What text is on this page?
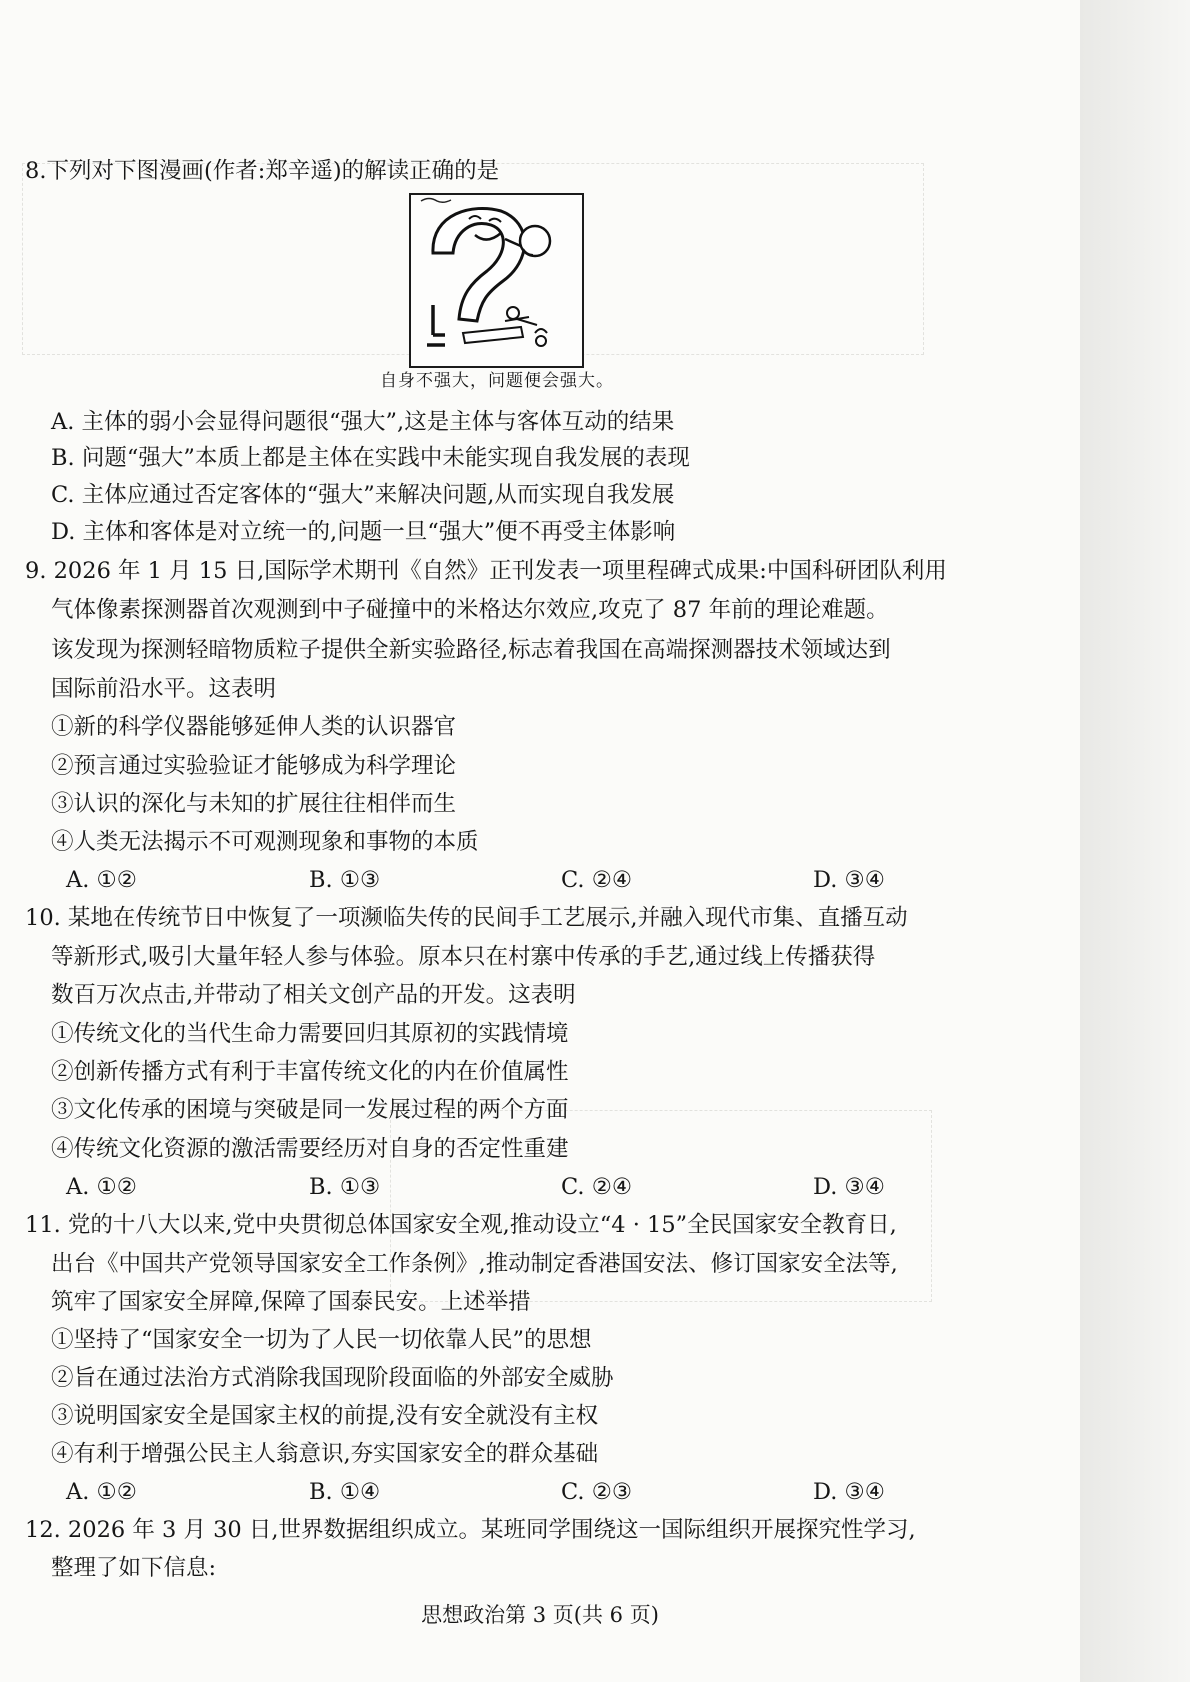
8.下列对下图漫画(作者:郑辛遥)的解读正确的是
自身不强大，问题便会强大。
A. 主体的弱小会显得问题很“强大”,这是主体与客体互动的结果
B. 问题“强大”本质上都是主体在实践中未能实现自我发展的表现
C. 主体应通过否定客体的“强大”来解决问题,从而实现自我发展
D. 主体和客体是对立统一的,问题一旦“强大”便不再受主体影响
9. 2026 年 1 月 15 日,国际学术期刊《自然》正刊发表一项里程碑式成果:中国科研团队利用
气体像素探测器首次观测到中子碰撞中的米格达尔效应,攻克了 87 年前的理论难题。
该发现为探测轻暗物质粒子提供全新实验路径,标志着我国在高端探测器技术领域达到
国际前沿水平。这表明
①新的科学仪器能够延伸人类的认识器官
②预言通过实验验证才能够成为科学理论
③认识的深化与未知的扩展往往相伴而生
④人类无法揭示不可观测现象和事物的本质
A. ①②	B. ①③	C. ②④	D. ③④
10. 某地在传统节日中恢复了一项濒临失传的民间手工艺展示,并融入现代市集、直播互动
等新形式,吸引大量年轻人参与体验。原本只在村寨中传承的手艺,通过线上传播获得
数百万次点击,并带动了相关文创产品的开发。这表明
①传统文化的当代生命力需要回归其原初的实践情境
②创新传播方式有利于丰富传统文化的内在价值属性
③文化传承的困境与突破是同一发展过程的两个方面
④传统文化资源的激活需要经历对自身的否定性重建
A. ①②	B. ①③	C. ②④	D. ③④
11. 党的十八大以来,党中央贯彻总体国家安全观,推动设立“4 · 15”全民国家安全教育日,
出台《中国共产党领导国家安全工作条例》,推动制定香港国安法、修订国家安全法等,
筑牢了国家安全屏障,保障了国泰民安。上述举措
①坚持了“国家安全一切为了人民一切依靠人民”的思想
②旨在通过法治方式消除我国现阶段面临的外部安全威胁
③说明国家安全是国家主权的前提,没有安全就没有主权
④有利于增强公民主人翁意识,夯实国家安全的群众基础
A. ①②	B. ①④	C. ②③	D. ③④
12. 2026 年 3 月 30 日,世界数据组织成立。某班同学围绕这一国际组织开展探究性学习,
整理了如下信息:
思想政治第 3 页(共 6 页)
